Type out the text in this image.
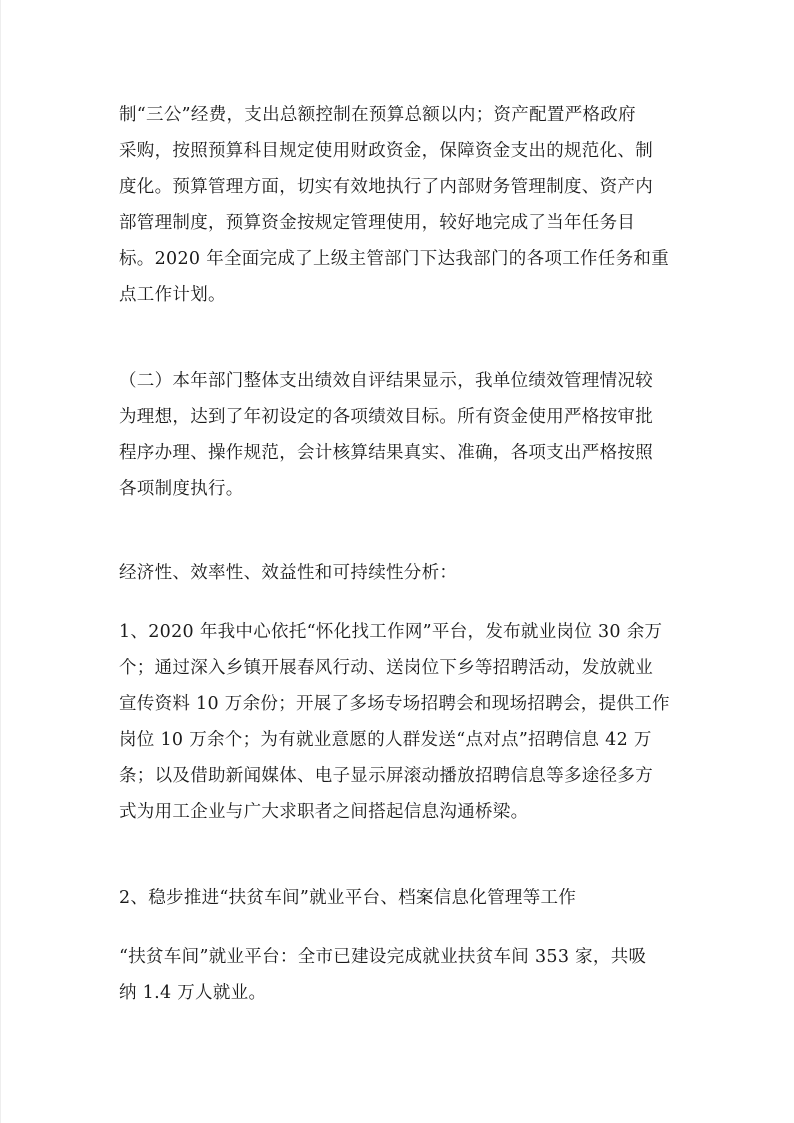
制“三公”经费，支出总额控制在预算总额以内；资产配置严格政府
采购，按照预算科目规定使用财政资金，保障资金支出的规范化、制
度化。预算管理方面，切实有效地执行了内部财务管理制度、资产内
部管理制度，预算资金按规定管理使用，较好地完成了当年任务目
标。2020 年全面完成了上级主管部门下达我部门的各项工作任务和重
点工作计划。
（二）本年部门整体支出绩效自评结果显示，我单位绩效管理情况较
为理想，达到了年初设定的各项绩效目标。所有资金使用严格按审批
程序办理、操作规范，会计核算结果真实、准确，各项支出严格按照
各项制度执行。
经济性、效率性、效益性和可持续性分析：
1、2020 年我中心依托“怀化找工作网”平台，发布就业岗位 30 余万
个；通过深入乡镇开展春风行动、送岗位下乡等招聘活动，发放就业
宣传资料 10 万余份；开展了多场专场招聘会和现场招聘会，提供工作
岗位 10 万余个；为有就业意愿的人群发送“点对点”招聘信息 42 万
条；以及借助新闻媒体、电子显示屏滚动播放招聘信息等多途径多方
式为用工企业与广大求职者之间搭起信息沟通桥梁。
2、稳步推进“扶贫车间”就业平台、档案信息化管理等工作
“扶贫车间”就业平台：全市已建设完成就业扶贫车间 353 家，共吸
纳 1.4 万人就业。
